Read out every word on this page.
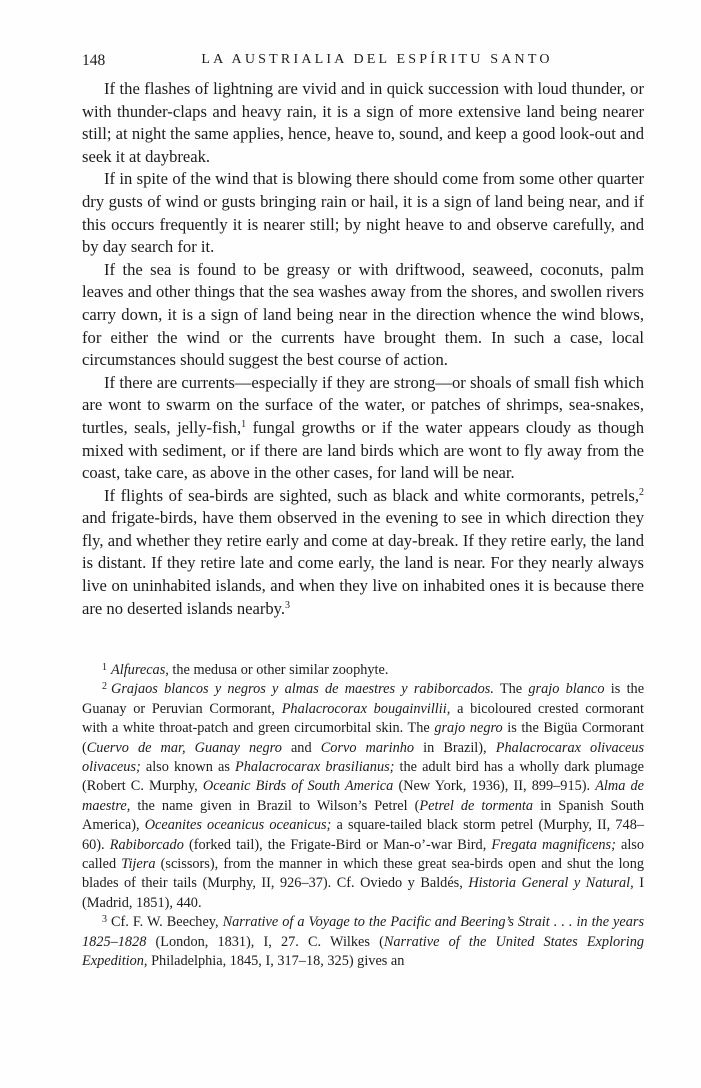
148	LA AUSTRIALIA DEL ESPÍRITU SANTO

If the flashes of lightning are vivid and in quick succession with loud thunder, or with thunder-claps and heavy rain, it is a sign of more extensive land being nearer still; at night the same applies, hence, heave to, sound, and keep a good look-out and seek it at daybreak.

If in spite of the wind that is blowing there should come from some other quarter dry gusts of wind or gusts bringing rain or hail, it is a sign of land being near, and if this occurs frequently it is nearer still; by night heave to and observe carefully, and by day search for it.

If the sea is found to be greasy or with driftwood, seaweed, coconuts, palm leaves and other things that the sea washes away from the shores, and swollen rivers carry down, it is a sign of land being near in the direction whence the wind blows, for either the wind or the currents have brought them. In such a case, local circumstances should suggest the best course of action.

If there are currents—especially if they are strong—or shoals of small fish which are wont to swarm on the surface of the water, or patches of shrimps, sea-snakes, turtles, seals, jelly-fish,$^1$ fungal growths or if the water appears cloudy as though mixed with sediment, or if there are land birds which are wont to fly away from the coast, take care, as above in the other cases, for land will be near.

If flights of sea-birds are sighted, such as black and white cormorants, petrels,$^2$ and frigate-birds, have them observed in the evening to see in which direction they fly, and whether they retire early and come at day-break. If they retire early, the land is distant. If they retire late and come early, the land is near. For they nearly always live on uninhabited islands, and when they live on inhabited ones it is because there are no deserted islands nearby.$^3$

$^1$ Alfurecas, the medusa or other similar zoophyte.

$^2$ Grajaos blancos y negros y almas de maestres y rabiborcados. The grajo blanco is the Guanay or Peruvian Cormorant, Phalacrocorax bougainvillii, a bicoloured crested cormorant with a white throat-patch and green circumorbital skin. The grajo negro is the Bigüa Cormorant (Cuervo de mar, Guanay negro and Corvo marinho in Brazil), Phalacrocarax olivaceus olivaceus; also known as Phalacrocarax brasilianus; the adult bird has a wholly dark plumage (Robert C. Murphy, Oceanic Birds of South America (New York, 1936), II, 899–915). Alma de maestre, the name given in Brazil to Wilson’s Petrel (Petrel de tormenta in Spanish South America), Oceanites oceanicus oceanicus; a square-tailed black storm petrel (Murphy, II, 748–60). Rabiborcado (forked tail), the Frigate-Bird or Man-o’-war Bird, Fregata magnificens; also called Tijera (scissors), from the manner in which these great sea-birds open and shut the long blades of their tails (Murphy, II, 926–37). Cf. Oviedo y Baldés, Historia General y Natural, I (Madrid, 1851), 440.

$^3$ Cf. F. W. Beechey, Narrative of a Voyage to the Pacific and Beering’s Strait . . . in the years 1825–1828 (London, 1831), I, 27. C. Wilkes (Narrative of the United States Exploring Expedition, Philadelphia, 1845, I, 317–18, 325) gives an
